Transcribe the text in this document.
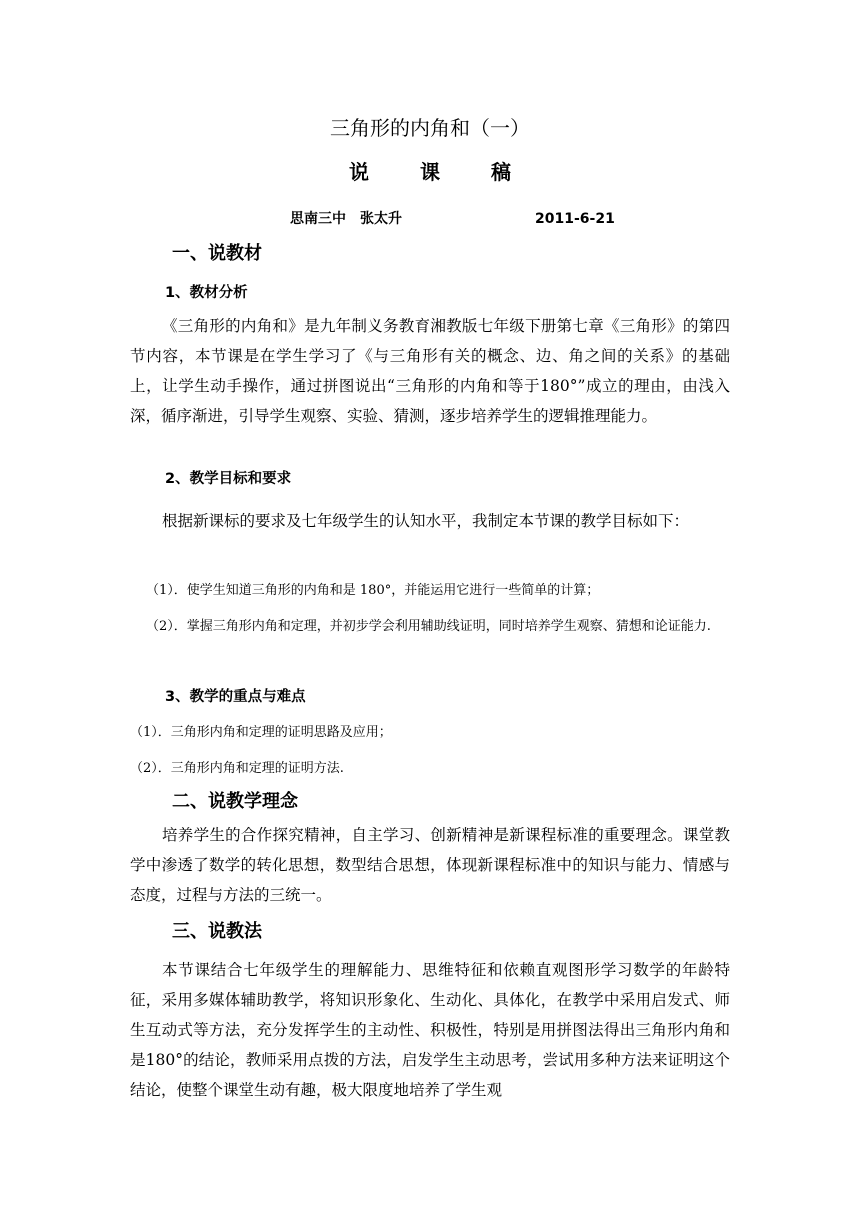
三角形的内角和（一）
说 课 稿
思南三中 张太升	2011-6-21
一、说教材
1、教材分析
《三角形的内角和》是九年制义务教育湘教版七年级下册第七章《三角形》的第四节内容，本节课是在学生学习了《与三角形有关的概念、边、角之间的关系》的基础上，让学生动手操作，通过拼图说出“三角形的内角和等于180°”成立的理由，由浅入深，循序渐进，引导学生观察、实验、猜测，逐步培养学生的逻辑推理能力。
2、教学目标和要求
根据新课标的要求及七年级学生的认知水平，我制定本节课的教学目标如下：
（1）．使学生知道三角形的内角和是 180°，并能运用它进行一些简单的计算；
（2）．掌握三角形内角和定理，并初步学会利用辅助线证明，同时培养学生观察、猜想和论证能力.
3、教学的重点与难点
（1）．三角形内角和定理的证明思路及应用；
（2）．三角形内角和定理的证明方法.
二、说教学理念
培养学生的合作探究精神，自主学习、创新精神是新课程标准的重要理念。课堂教学中渗透了数学的转化思想，数型结合思想，体现新课程标准中的知识与能力、情感与态度，过程与方法的三统一。
三、说教法
本节课结合七年级学生的理解能力、思维特征和依赖直观图形学习数学的年龄特征，采用多媒体辅助教学，将知识形象化、生动化、具体化，在教学中采用启发式、师生互动式等方法，充分发挥学生的主动性、积极性，特别是用拼图法得出三角形内角和是180°的结论，教师采用点拨的方法，启发学生主动思考，尝试用多种方法来证明这个结论，使整个课堂生动有趣，极大限度地培养了学生观
